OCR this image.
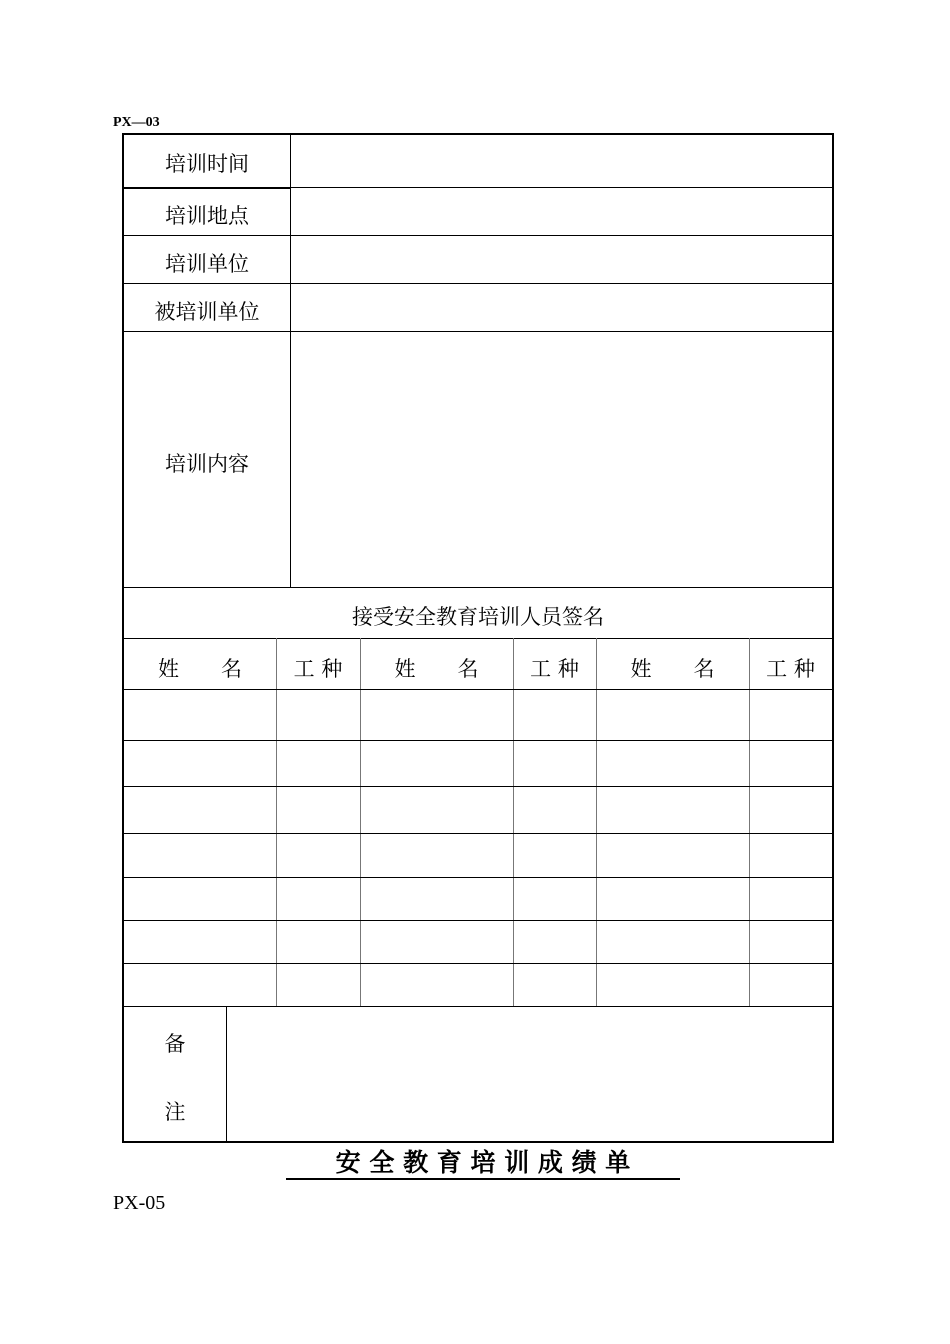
PX—03
培训时间
培训地点
培训单位
被培训单位
培训内容
接受安全教育培训人员签名
姓　　名	工 种	姓　　名	工 种	姓　　名	工 种
备
注
安 全 教 育 培 训 成 绩 单
PX-05
